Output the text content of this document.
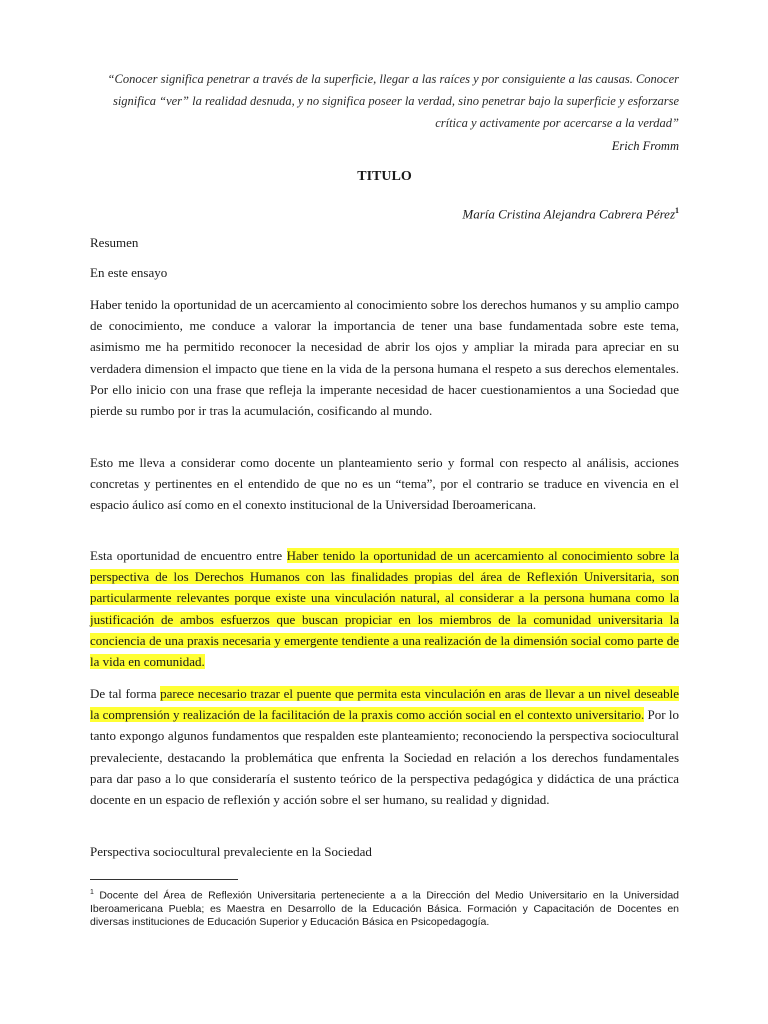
“Conocer significa penetrar a través de la superficie, llegar a las raíces y por consiguiente a las causas. Conocer significa “ver” la realidad desnuda, y no significa poseer la verdad, sino penetrar bajo la superficie y esforzarse crítica y activamente por acercarse a la verdad”
Erich Fromm
TITULO
María Cristina Alejandra Cabrera Pérez$^1$
Resumen
En este ensayo
Haber tenido la oportunidad de un acercamiento al conocimiento sobre los derechos humanos y su amplio campo de conocimiento, me conduce a valorar la importancia de tener una base fundamentada sobre este tema, asimismo me ha permitido reconocer la necesidad de abrir los ojos y ampliar la mirada para apreciar en su verdadera dimension el impacto que tiene en la vida de la persona humana el respeto a sus derechos elementales. Por ello inicio con una frase que refleja la imperante necesidad de hacer cuestionamientos a una Sociedad que pierde su rumbo por ir tras la acumulación, cosificando al mundo.
Esto me lleva a considerar como docente un planteamiento serio y formal con respecto al análisis, acciones concretas y pertinentes en el entendido de que no es un “tema”, por el contrario se traduce en vivencia en el espacio áulico así como en el conexto institucional de la Universidad Iberoamericana.
Esta oportunidad de encuentro entre Haber tenido la oportunidad de un acercamiento al conocimiento sobre la perspectiva de los Derechos Humanos con las finalidades propias del área de Reflexión Universitaria, son particularmente relevantes porque existe una vinculación natural, al considerar a la persona humana como la justificación de ambos esfuerzos que buscan propiciar en los miembros de la comunidad universitaria la conciencia de una praxis necesaria y emergente tendiente a una realización de la dimensión social como parte de la vida en comunidad.
De tal forma parece necesario trazar el puente que permita esta vinculación en aras de llevar a un nivel deseable la comprensión y realización de la facilitación de la praxis como acción social en el contexto universitario. Por lo tanto expongo algunos fundamentos que respalden este planteamiento; reconociendo la perspectiva sociocultural prevaleciente, destacando la problemática que enfrenta la Sociedad en relación a los derechos fundamentales para dar paso a lo que consideraría el sustento teórico de la perspectiva pedagógica y didáctica de una práctica docente en un espacio de reflexión y acción sobre el ser humano, su realidad y dignidad.
Perspectiva sociocultural prevaleciente en la Sociedad
$^1$ Docente del Área de Reflexión Universitaria perteneciente a a la Dirección del Medio Universitario en la Universidad Iberoamericana Puebla; es Maestra en Desarrollo de la Educación Básica. Formación y Capacitación de Docentes en diversas instituciones de Educación Superior y Educación Básica en Psicopedagogía.
